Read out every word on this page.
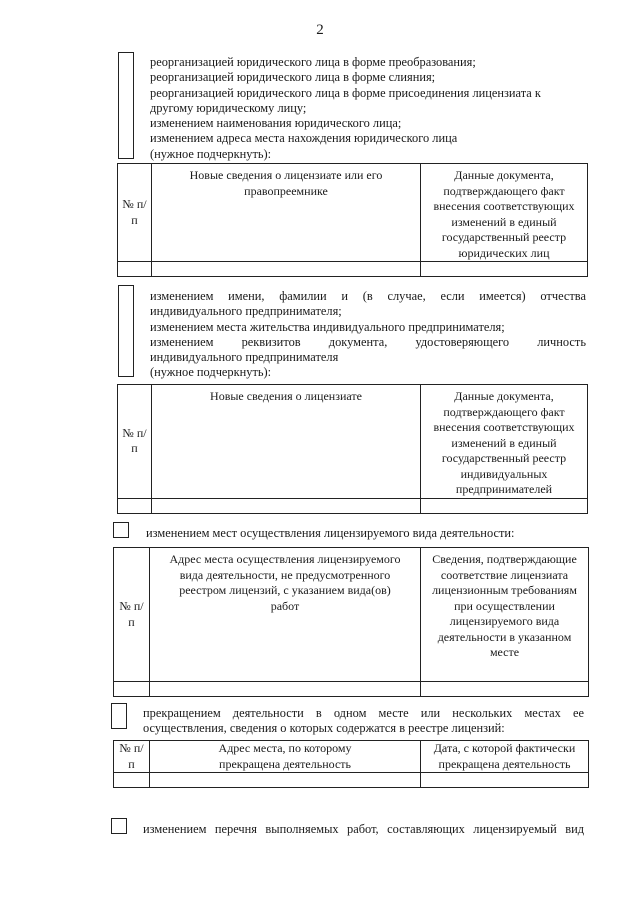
2
реорганизацией юридического лица в форме преобразования;
реорганизацией юридического лица в форме слияния;
реорганизацией юридического лица в форме присоединения лицензиата к
другому юридическому лицу;
изменением наименования юридического лица;
изменением адреса места нахождения юридического лица
(нужное подчеркнуть):
№ п/п	Новые сведения о лицензиате или его правопреемнике	Данные документа, подтверждающего факт внесения соответствующих изменений в единый государственный реестр юридических лиц

изменением имени, фамилии и (в случае, если имеется) отчества
индивидуального предпринимателя;
изменением места жительства индивидуального предпринимателя;
изменением реквизитов документа, удостоверяющего личность
индивидуального предпринимателя
(нужное подчеркнуть):
№ п/п	Новые сведения о лицензиате	Данные документа, подтверждающего факт внесения соответствующих изменений в единый государственный реестр индивидуальных предпринимателей

изменением мест осуществления лицензируемого вида деятельности:
№ п/п	Адрес места осуществления лицензируемого вида деятельности, не предусмотренного реестром лицензий, с указанием вида(ов) работ	Сведения, подтверждающие соответствие лицензиата лицензионным требованиям при осуществлении лицензируемого вида деятельности в указанном месте

прекращением деятельности в одном месте или нескольких местах ее
осуществления, сведения о которых содержатся в реестре лицензий:
№ п/п	Адрес места, по которому прекращена деятельность	Дата, с которой фактически прекращена деятельность

изменением перечня выполняемых работ, составляющих лицензируемый вид
